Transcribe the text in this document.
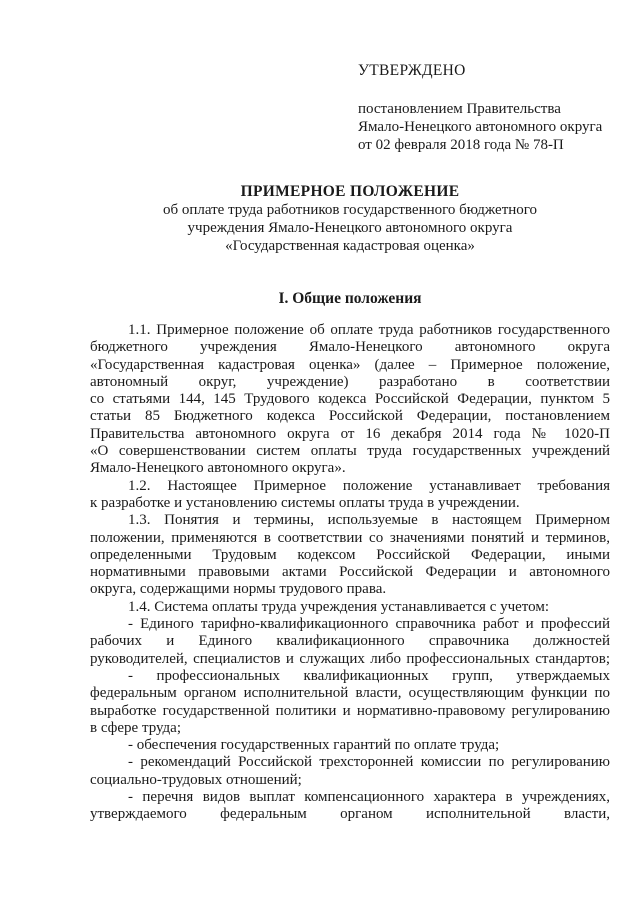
УТВЕРЖДЕНО
постановлением Правительства
Ямало-Ненецкого автономного округа
от 02 февраля 2018 года № 78-П
ПРИМЕРНОЕ ПОЛОЖЕНИЕ
об оплате труда работников государственного бюджетного
учреждения Ямало-Ненецкого автономного округа
«Государственная кадастровая оценка»
I. Общие положения
1.1. Примерное положение об оплате труда работников государственного
бюджетного учреждения Ямало-Ненецкого автономного округа
«Государственная кадастровая оценка» (далее – Примерное положение,
автономный округ, учреждение) разработано в соответствии
со статьями 144, 145 Трудового кодекса Российской Федерации, пунктом 5
статьи 85 Бюджетного кодекса Российской Федерации, постановлением
Правительства автономного округа от 16 декабря 2014 года № 1020-П
«О совершенствовании систем оплаты труда государственных учреждений
Ямало-Ненецкого автономного округа».
1.2. Настоящее Примерное положение устанавливает требования
к разработке и установлению системы оплаты труда в учреждении.
1.3. Понятия и термины, используемые в настоящем Примерном
положении, применяются в соответствии со значениями понятий и терминов,
определенными Трудовым кодексом Российской Федерации, иными
нормативными правовыми актами Российской Федерации и автономного
округа, содержащими нормы трудового права.
1.4. Система оплаты труда учреждения устанавливается с учетом:
- Единого тарифно-квалификационного справочника работ и профессий
рабочих и Единого квалификационного справочника должностей
руководителей, специалистов и служащих либо профессиональных стандартов;
- профессиональных квалификационных групп, утверждаемых
федеральным органом исполнительной власти, осуществляющим функции по
выработке государственной политики и нормативно-правовому регулированию
в сфере труда;
- обеспечения государственных гарантий по оплате труда;
- рекомендаций Российской трехсторонней комиссии по регулированию
социально-трудовых отношений;
- перечня видов выплат компенсационного характера в учреждениях,
утверждаемого федеральным органом исполнительной власти,
